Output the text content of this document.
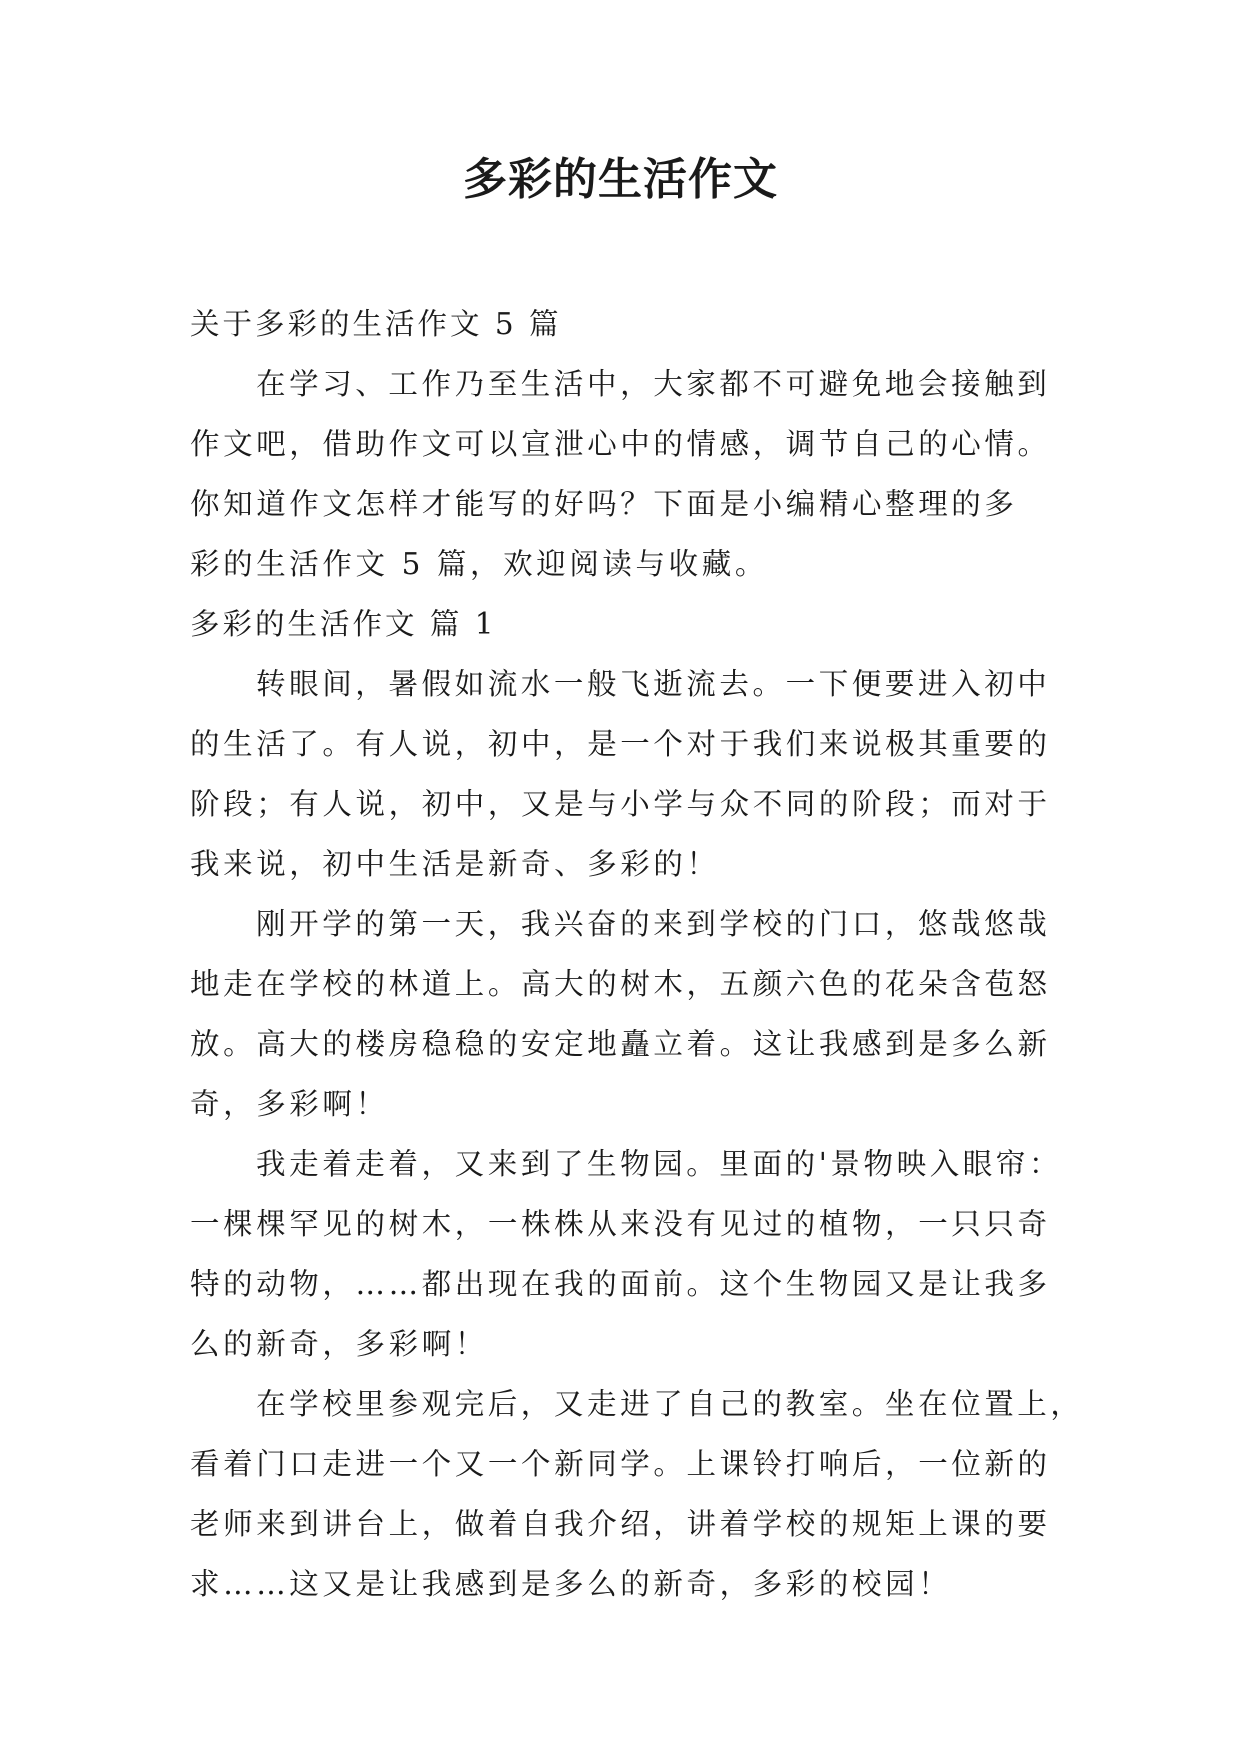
多彩的生活作文
关于多彩的生活作文 5 篇
在学习、工作乃至生活中，大家都不可避免地会接触到
作文吧，借助作文可以宣泄心中的情感，调节自己的心情。
你知道作文怎样才能写的好吗？下面是小编精心整理的多
彩的生活作文 5 篇，欢迎阅读与收藏。
多彩的生活作文 篇 1
转眼间，暑假如流水一般飞逝流去。一下便要进入初中
的生活了。有人说，初中，是一个对于我们来说极其重要的
阶段；有人说，初中，又是与小学与众不同的阶段；而对于
我来说，初中生活是新奇、多彩的！
刚开学的第一天，我兴奋的来到学校的门口，悠哉悠哉
地走在学校的林道上。高大的树木，五颜六色的花朵含苞怒
放。高大的楼房稳稳的安定地矗立着。这让我感到是多么新
奇，多彩啊！
我走着走着，又来到了生物园。里面的'景物映入眼帘：
一棵棵罕见的树木，一株株从来没有见过的植物，一只只奇
特的动物，……都出现在我的面前。这个生物园又是让我多
么的新奇，多彩啊！
在学校里参观完后，又走进了自己的教室。坐在位置上，
看着门口走进一个又一个新同学。上课铃打响后，一位新的
老师来到讲台上，做着自我介绍，讲着学校的规矩上课的要
求……这又是让我感到是多么的新奇，多彩的校园！
